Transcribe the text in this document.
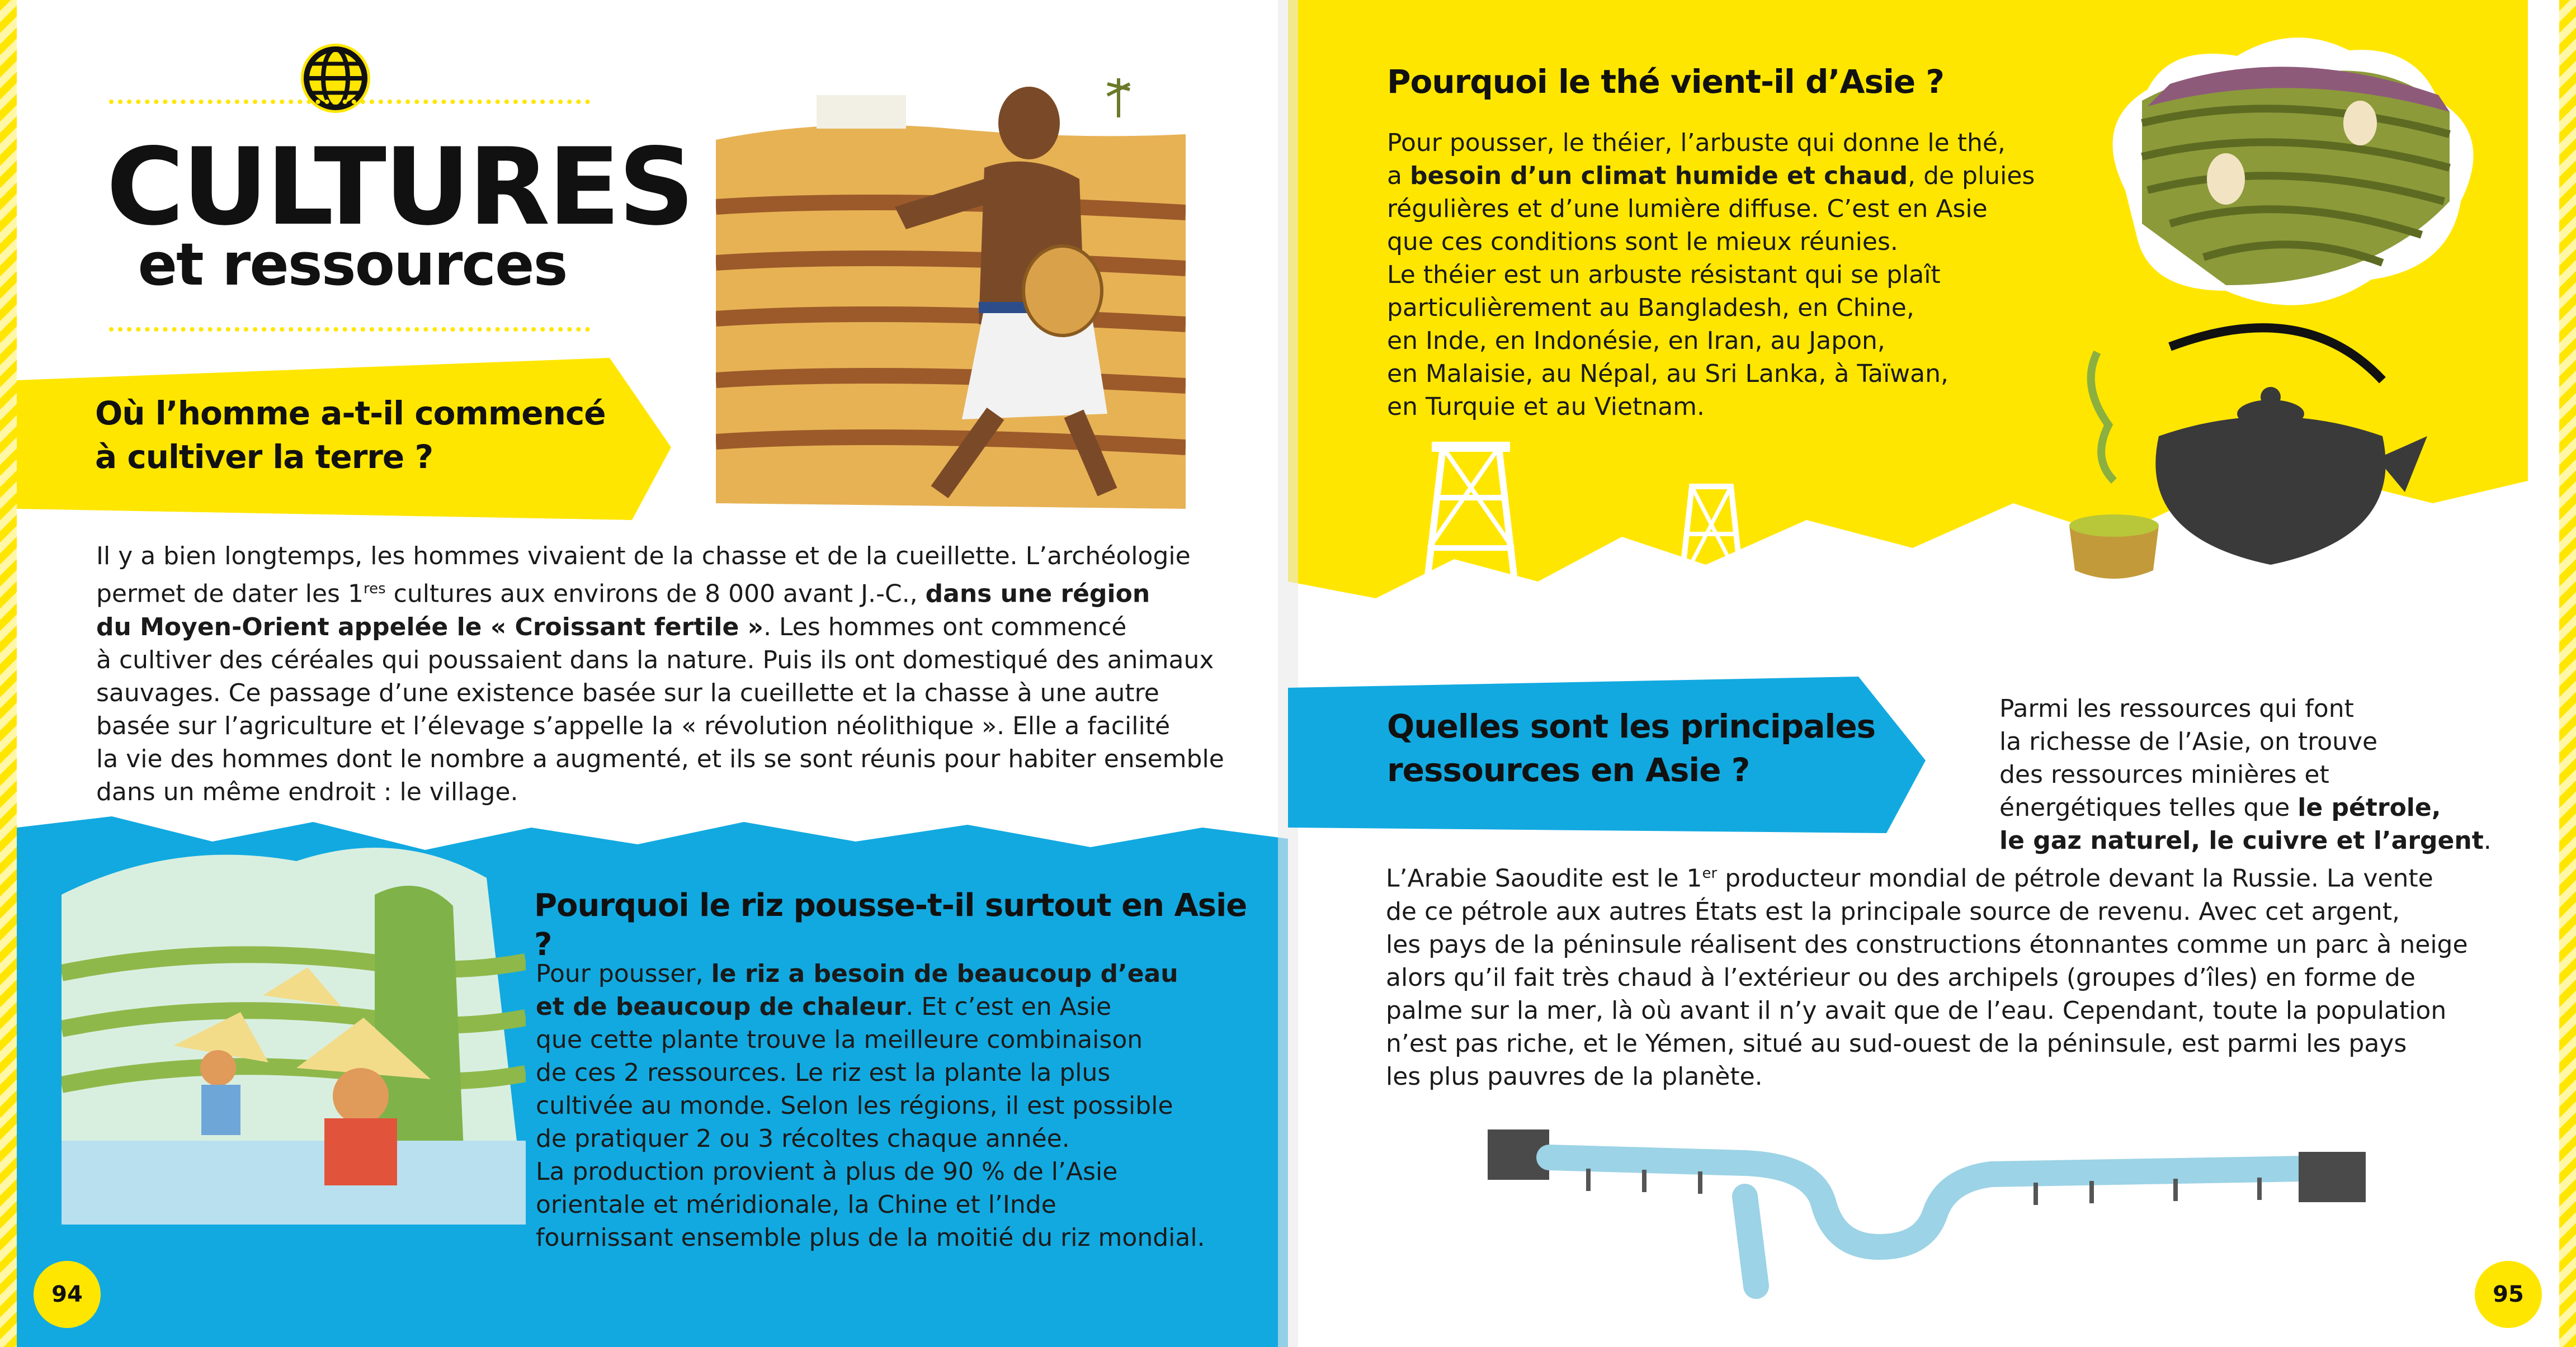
CULTURES
et ressources
Où l’homme a-t-il commencé
à cultiver la terre ?
Il y a bien longtemps, les hommes vivaient de la chasse et de la cueillette. L’archéologie
permet de dater les 1res cultures aux environs de 8 000 avant J.-C., dans une région
du Moyen-Orient appelée le « Croissant fertile ». Les hommes ont commencé
à cultiver des céréales qui poussaient dans la nature. Puis ils ont domestiqué des animaux
sauvages. Ce passage d’une existence basée sur la cueillette et la chasse à une autre
basée sur l’agriculture et l’élevage s’appelle la « révolution néolithique ». Elle a facilité
la vie des hommes dont le nombre a augmenté, et ils se sont réunis pour habiter ensemble
dans un même endroit : le village.
Pourquoi le riz pousse-t-il surtout en Asie ?
Pour pousser, le riz a besoin de beaucoup d’eau
et de beaucoup de chaleur. Et c’est en Asie
que cette plante trouve la meilleure combinaison
de ces 2 ressources. Le riz est la plante la plus
cultivée au monde. Selon les régions, il est possible
de pratiquer 2 ou 3 récoltes chaque année.
La production provient à plus de 90 % de l’Asie
orientale et méridionale, la Chine et l’Inde
fournissant ensemble plus de la moitié du riz mondial.
94
Pourquoi le thé vient-il d’Asie ?
Pour pousser, le théier, l’arbuste qui donne le thé,
a besoin d’un climat humide et chaud, de pluies
régulières et d’une lumière diffuse. C’est en Asie
que ces conditions sont le mieux réunies.
Le théier est un arbuste résistant qui se plaît
particulièrement au Bangladesh, en Chine,
en Inde, en Indonésie, en Iran, au Japon,
en Malaisie, au Népal, au Sri Lanka, à Taïwan,
en Turquie et au Vietnam.
Quelles sont les principales
ressources en Asie ?
Parmi les ressources qui font
la richesse de l’Asie, on trouve
des ressources minières et
énergétiques telles que le pétrole,
le gaz naturel, le cuivre et l’argent.
L’Arabie Saoudite est le 1er producteur mondial de pétrole devant la Russie. La vente
de ce pétrole aux autres États est la principale source de revenu. Avec cet argent,
les pays de la péninsule réalisent des constructions étonnantes comme un parc à neige
alors qu’il fait très chaud à l’extérieur ou des archipels (groupes d’îles) en forme de
palme sur la mer, là où avant il n’y avait que de l’eau. Cependant, toute la population
n’est pas riche, et le Yémen, situé au sud-ouest de la péninsule, est parmi les pays
les plus pauvres de la planète.
95
